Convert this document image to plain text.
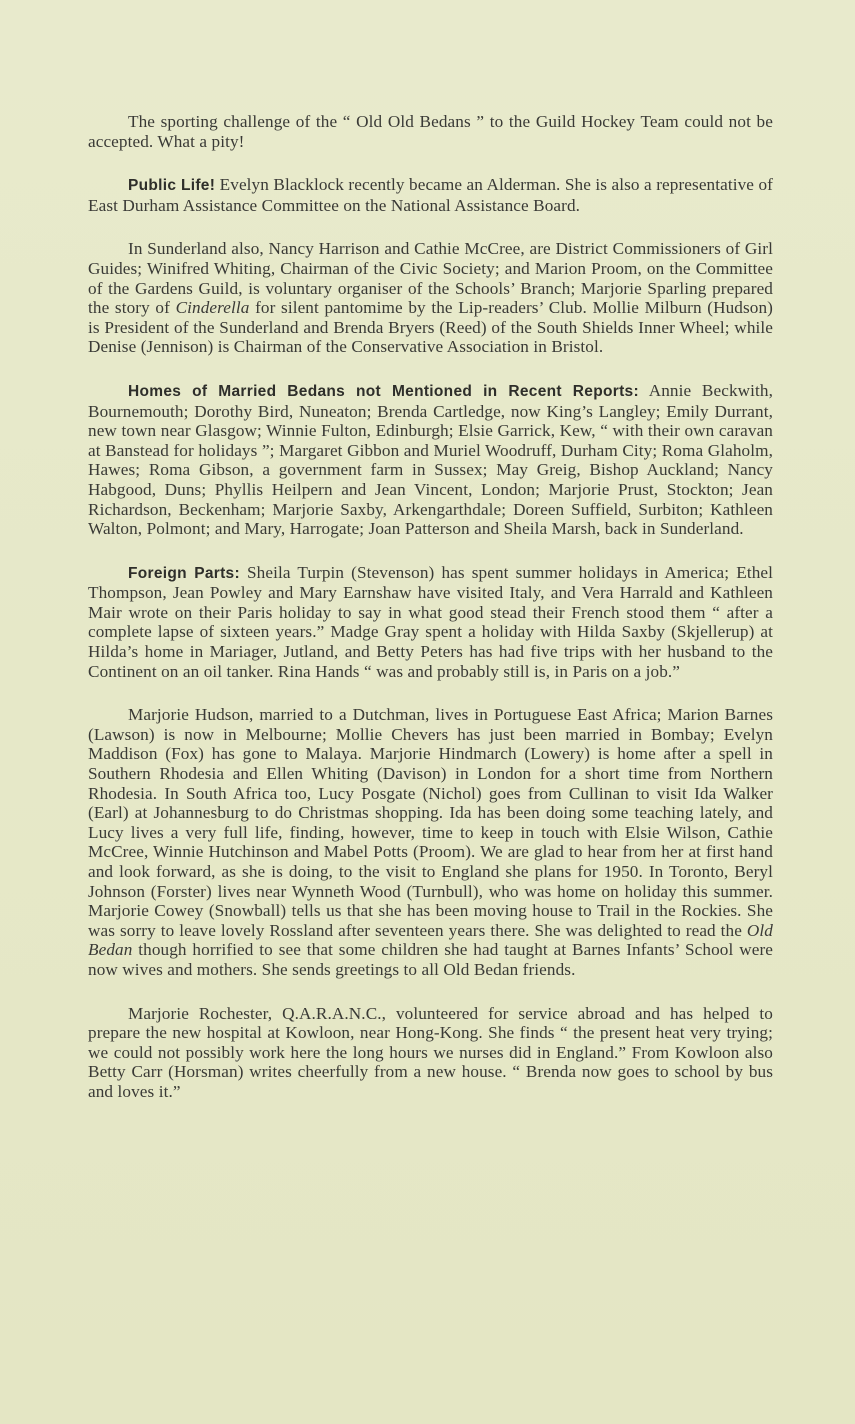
The sporting challenge of the “ Old Old Bedans ” to the Guild Hockey Team could not be accepted. What a pity!

Public Life! Evelyn Blacklock recently became an Alderman. She is also a representative of East Durham Assistance Committee on the National Assistance Board.

In Sunderland also, Nancy Harrison and Cathie McCree, are District Commissioners of Girl Guides; Winifred Whiting, Chairman of the Civic Society; and Marion Proom, on the Committee of the Gardens Guild, is voluntary organiser of the Schools’ Branch; Marjorie Sparling prepared the story of Cinderella for silent pantomime by the Lip-readers’ Club. Mollie Milburn (Hudson) is President of the Sunderland and Brenda Bryers (Reed) of the South Shields Inner Wheel; while Denise (Jennison) is Chairman of the Conservative Association in Bristol.

Homes of Married Bedans not Mentioned in Recent Reports: Annie Beckwith, Bournemouth; Dorothy Bird, Nuneaton; Brenda Cartledge, now King’s Langley; Emily Durrant, new town near Glasgow; Winnie Fulton, Edinburgh; Elsie Garrick, Kew, “ with their own caravan at Banstead for holidays ”; Margaret Gibbon and Muriel Woodruff, Durham City; Roma Glaholm, Hawes; Roma Gibson, a government farm in Sussex; May Greig, Bishop Auckland; Nancy Habgood, Duns; Phyllis Heilpern and Jean Vincent, London; Marjorie Prust, Stockton; Jean Richardson, Beckenham; Marjorie Saxby, Arkengarthdale; Doreen Suffield, Surbiton; Kathleen Walton, Polmont; and Mary, Harrogate; Joan Patterson and Sheila Marsh, back in Sunderland.

Foreign Parts: Sheila Turpin (Stevenson) has spent summer holidays in America; Ethel Thompson, Jean Powley and Mary Earnshaw have visited Italy, and Vera Harrald and Kathleen Mair wrote on their Paris holiday to say in what good stead their French stood them “ after a complete lapse of sixteen years.” Madge Gray spent a holiday with Hilda Saxby (Skjellerup) at Hilda’s home in Mariager, Jutland, and Betty Peters has had five trips with her husband to the Continent on an oil tanker. Rina Hands “ was and probably still is, in Paris on a job.”

Marjorie Hudson, married to a Dutchman, lives in Portuguese East Africa; Marion Barnes (Lawson) is now in Melbourne; Mollie Chevers has just been married in Bombay; Evelyn Maddison (Fox) has gone to Malaya. Marjorie Hindmarch (Lowery) is home after a spell in Southern Rhodesia and Ellen Whiting (Davison) in London for a short time from Northern Rhodesia. In South Africa too, Lucy Posgate (Nichol) goes from Cullinan to visit Ida Walker (Earl) at Johannesburg to do Christmas shopping. Ida has been doing some teaching lately, and Lucy lives a very full life, finding, however, time to keep in touch with Elsie Wilson, Cathie McCree, Winnie Hutchinson and Mabel Potts (Proom). We are glad to hear from her at first hand and look forward, as she is doing, to the visit to England she plans for 1950. In Toronto, Beryl Johnson (Forster) lives near Wynneth Wood (Turnbull), who was home on holiday this summer. Marjorie Cowey (Snowball) tells us that she has been moving house to Trail in the Rockies. She was sorry to leave lovely Rossland after seventeen years there. She was delighted to read the Old Bedan though horrified to see that some children she had taught at Barnes Infants’ School were now wives and mothers. She sends greetings to all Old Bedan friends.

Marjorie Rochester, Q.A.R.A.N.C., volunteered for service abroad and has helped to prepare the new hospital at Kowloon, near Hong-Kong. She finds “ the present heat very trying; we could not possibly work here the long hours we nurses did in England.” From Kowloon also Betty Carr (Horsman) writes cheerfully from a new house. “ Brenda now goes to school by bus and loves it.”
